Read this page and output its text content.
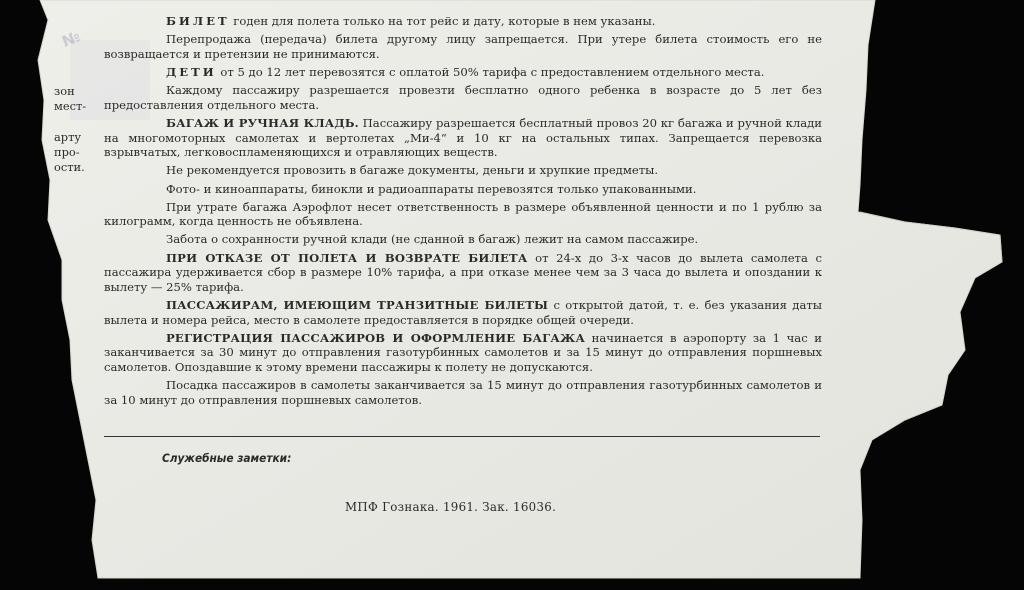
№
зон
мест-

арту
про-
ости.

БИЛЕТ годен для полета только на тот рейс и дату, которые в нем указаны.

Перепродажа (передача) билета другому лицу запрещается. При утере билета стоимость его не возвращается и претензии не принимаются.

ДЕТИ от 5 до 12 лет перевозятся с оплатой 50% тарифа с предоставлением отдельного места.

Каждому пассажиру разрешается провезти бесплатно одного ребенка в возрасте до 5 лет без предоставления отдельного места.

БАГАЖ И РУЧНАЯ КЛАДЬ. Пассажиру разрешается бесплатный провоз 20 кг багажа и ручной клади на многомоторных самолетах и вертолетах „Ми-4“ и 10 кг на остальных типах. Запрещается перевозка взрывчатых, легковоспламеняющихся и отравляющих веществ.

Не рекомендуется провозить в багаже документы, деньги и хрупкие предметы.

Фото- и киноаппараты, бинокли и радиоаппараты перевозятся только упакованными.

При утрате багажа Аэрофлот несет ответственность в размере объявленной ценности и по 1 рублю за килограмм, когда ценность не объявлена.

Забота о сохранности ручной клади (не сданной в багаж) лежит на самом пассажире.

ПРИ ОТКАЗЕ ОТ ПОЛЕТА И ВОЗВРАТЕ БИЛЕТА от 24-х до 3-х часов до вылета самолета с пассажира удерживается сбор в размере 10% тарифа, а при отказе менее чем за 3 часа до вылета и опоздании к вылету — 25% тарифа.

ПАССАЖИРАМ, ИМЕЮЩИМ ТРАНЗИТНЫЕ БИЛЕТЫ с открытой датой, т. е. без указания даты вылета и номера рейса, место в самолете предоставляется в порядке общей очереди.

РЕГИСТРАЦИЯ ПАССАЖИРОВ И ОФОРМЛЕНИЕ БАГАЖА начинается в аэропорту за 1 час и заканчивается за 30 минут до отправления газотурбинных самолетов и за 15 минут до отправления поршневых самолетов. Опоздавшие к этому времени пассажиры к полету не допускаются.

Посадка пассажиров в самолеты заканчивается за 15 минут до отправления газотурбинных самолетов и за 10 минут до отправления поршневых самолетов.

Служебные заметки:
МПФ Гознака. 1961. Зак. 16036.
